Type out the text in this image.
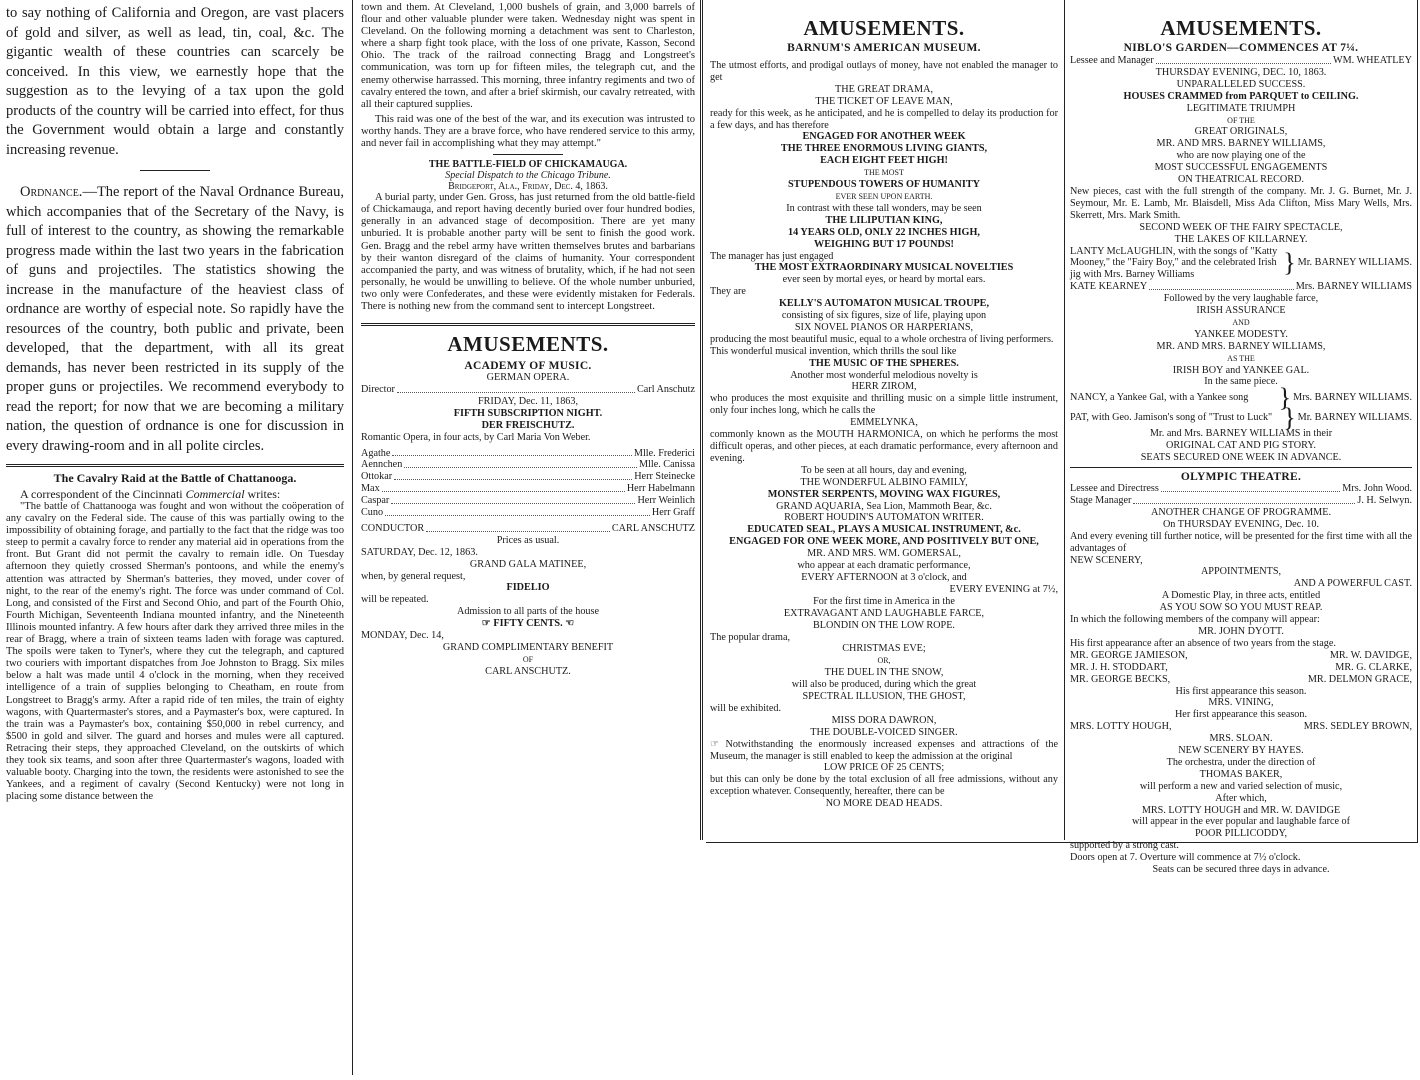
to say nothing of California and Oregon, are vast placers of gold and silver, as well as lead, tin, coal, &c. The gigantic wealth of these countries can scarcely be conceived. In this view, we earnestly hope that the suggestion as to the levying of a tax upon the gold products of the country will be carried into effect, for thus the Government would obtain a large and constantly increasing revenue.

Ordnance.—The report of the Naval Ordnance Bureau, which accompanies that of the Secretary of the Navy, is full of interest to the country, as showing the remarkable progress made within the last two years in the fabrication of guns and projectiles. The statistics showing the increase in the manufacture of the heaviest class of ordnance are worthy of especial note. So rapidly have the resources of the country, both public and private, been developed, that the department, with all its great demands, has never been restricted in its supply of the proper guns or projectiles. We recommend everybody to read the report; for now that we are becoming a military nation, the question of ordnance is one for discussion in every drawing-room and in all polite circles.

The Cavalry Raid at the Battle of Chattanooga.

A correspondent of the Cincinnati Commercial writes:

"The battle of Chattanooga was fought and won without the coöperation of any cavalry on the Federal side. The cause of this was partially owing to the impossibility of obtaining forage, and partially to the fact that the ridge was too steep to permit a cavalry force to render any material aid in operations from the front. But Grant did not permit the cavalry to remain idle. On Tuesday afternoon they quietly crossed Sherman's pontoons, and while the enemy's attention was attracted by Sherman's batteries, they moved, under cover of night, to the rear of the enemy's right. The force was under command of Col. Long, and consisted of the First and Second Ohio, and part of the Fourth Ohio, Fourth Michigan, Seventeenth Indiana mounted infantry, and the Nineteenth Illinois mounted infantry. A few hours after dark they arrived three miles in the rear of Bragg, where a train of sixteen teams laden with forage was captured. The spoils were taken to Tyner's, where they cut the telegraph, and captured two couriers with important dispatches from Joe Johnston to Bragg. Six miles below a halt was made until 4 o'clock in the morning, when they received intelligence of a train of supplies belonging to Cheatham, en route from Longstreet to Bragg's army. After a rapid ride of ten miles, the train of eighty wagons, with Quartermaster's stores, and a Paymaster's box, were captured. In the train was a Paymaster's box, containing $50,000 in rebel currency, and $500 in gold and silver. The guard and horses and mules were all captured. Retracing their steps, they approached Cleveland, on the outskirts of which they took six teams, and soon after three Quartermaster's wagons, loaded with valuable booty. Charging into the town, the residents were astonished to see the Yankees, and a regiment of cavalry (Second Kentucky) were not long in placing some distance between the

town and them. At Cleveland, 1,000 bushels of grain, and 3,000 barrels of flour and other valuable plunder were taken. Wednesday night was spent in Cleveland. On the following morning a detachment was sent to Charleston, where a sharp fight took place, with the loss of one private, Kasson, Second Ohio. The track of the railroad connecting Bragg and Longstreet's communication, was torn up for fifteen miles, the telegraph cut, and the enemy otherwise harrassed. This morning, three infantry regiments and two of cavalry entered the town, and after a brief skirmish, our cavalry retreated, with all their captured supplies.

This raid was one of the best of the war, and its execution was intrusted to worthy hands. They are a brave force, who have rendered service to this army, and never fail in accomplishing what they may attempt."

THE BATTLE-FIELD OF CHICKAMAUGA.

Special Dispatch to the Chicago Tribune.

Bridgeport, Ala., Friday, Dec. 4, 1863.

A burial party, under Gen. Gross, has just returned from the old battle-field of Chickamauga, and report having decently buried over four hundred bodies, generally in an advanced stage of decomposition. There are yet many unburied. It is probable another party will be sent to finish the good work. Gen. Bragg and the rebel army have written themselves brutes and barbarians by their wanton disregard of the claims of humanity. Your correspondent accompanied the party, and was witness of brutality, which, if he had not seen personally, he would be unwilling to believe. Of the whole number unburied, two only were Confederates, and these were evidently mistaken for Federals. There is nothing new from the command sent to intercept Longstreet.

AMUSEMENTS.
ACADEMY OF MUSIC.
GERMAN OPERA.
Director	Carl Anschutz
FRIDAY, Dec. 11, 1863,
FIFTH SUBSCRIPTION NIGHT.
DER FREISCHUTZ.
Romantic Opera, in four acts, by Carl Maria Von Weber.
Agathe	Mlle. Frederici
Aennchen	Mlle. Canissa
Ottokar	Herr Steinecke
Max	Herr Habelmann
Caspar	Herr Weinlich
Cuno	Herr Graff
CONDUCTOR	CARL ANSCHUTZ
Prices as usual.
SATURDAY, Dec. 12, 1863.
GRAND GALA MATINEE,
when, by general request,
FIDELIO
will be repeated.
Admission to all parts of the house
☞ FIFTY CENTS. ☜
MONDAY, Dec. 14,
GRAND COMPLIMENTARY BENEFIT
OF
CARL ANSCHUTZ.
AMUSEMENTS.
BARNUM'S AMERICAN MUSEUM.
The utmost efforts, and prodigal outlays of money, have not enabled the manager to get
THE GREAT DRAMA,
THE TICKET OF LEAVE MAN,
ready for this week, as he anticipated, and he is compelled to delay its production for a few days, and has therefore
ENGAGED FOR ANOTHER WEEK
THE THREE ENORMOUS LIVING GIANTS,
EACH EIGHT FEET HIGH!
THE MOST
STUPENDOUS TOWERS OF HUMANITY
EVER SEEN UPON EARTH.
In contrast with these tall wonders, may be seen
THE LILIPUTIAN KING,
14 YEARS OLD, ONLY 22 INCHES HIGH,
WEIGHING BUT 17 POUNDS!
The manager has just engaged
THE MOST EXTRAORDINARY MUSICAL NOVELTIES
ever seen by mortal eyes, or heard by mortal ears.
They are
KELLY'S AUTOMATON MUSICAL TROUPE,
consisting of six figures, size of life, playing upon
SIX NOVEL PIANOS OR HARPERIANS,
producing the most beautiful music, equal to a whole orchestra of living performers.
This wonderful musical invention, which thrills the soul like
THE MUSIC OF THE SPHERES.
Another most wonderful melodious novelty is
HERR ZIROM,
who produces the most exquisite and thrilling music on a simple little instrument, only four inches long, which he calls the
EMMELYNKA,
commonly known as the MOUTH HARMONICA, on which he performs the most difficult operas, and other pieces, at each dramatic performance, every afternoon and evening.
To be seen at all hours, day and evening,
THE WONDERFUL ALBINO FAMILY,
MONSTER SERPENTS, MOVING WAX FIGURES,
GRAND AQUARIA, Sea Lion, Mammoth Bear, &c.
ROBERT HOUDIN'S AUTOMATON WRITER.
EDUCATED SEAL, PLAYS A MUSICAL INSTRUMENT, &c.
ENGAGED FOR ONE WEEK MORE, AND POSITIVELY BUT ONE,
MR. AND MRS. WM. GOMERSAL,
who appear at each dramatic performance,
EVERY AFTERNOON at 3 o'clock, and
EVERY EVENING at 7½,
For the first time in America in the
EXTRAVAGANT AND LAUGHABLE FARCE,
BLONDIN ON THE LOW ROPE.
The popular drama,
CHRISTMAS EVE;
OR,
THE DUEL IN THE SNOW,
will also be produced, during which the great
SPECTRAL ILLUSION, THE GHOST,
will be exhibited.
MISS DORA DAWRON,
THE DOUBLE-VOICED SINGER.
☞ Notwithstanding the enormously increased expenses and attractions of the Museum, the manager is still enabled to keep the admission at the original
LOW PRICE OF 25 CENTS;
but this can only be done by the total exclusion of all free admissions, without any exception whatever. Consequently, hereafter, there can be
NO MORE DEAD HEADS.
AMUSEMENTS.
NIBLO'S GARDEN—COMMENCES AT 7¼.
Lessee and Manager	WM. WHEATLEY
THURSDAY EVENING, DEC. 10, 1863.
UNPARALLELED SUCCESS.
HOUSES CRAMMED from PARQUET to CEILING.
LEGITIMATE TRIUMPH
OF THE
GREAT ORIGINALS,
MR. AND MRS. BARNEY WILLIAMS,
who are now playing one of the
MOST SUCCESSFUL ENGAGEMENTS
ON THEATRICAL RECORD.
New pieces, cast with the full strength of the company. Mr. J. G. Burnet, Mr. J. Seymour, Mr. E. Lamb, Mr. Blaisdell, Miss Ada Clifton, Miss Mary Wells, Mrs. Skerrett, Mrs. Mark Smith.
SECOND WEEK OF THE FAIRY SPECTACLE,
THE LAKES OF KILLARNEY.
LANTY McLAUGHLIN, with the songs of "Katty Mooney," the "Fairy Boy," and the celebrated Irish jig with Mrs. Barney Williams	} Mr. BARNEY WILLIAMS.
KATE KEARNEY	Mrs. BARNEY WILLIAMS
Followed by the very laughable farce,
IRISH ASSURANCE
AND
YANKEE MODESTY.
MR. AND MRS. BARNEY WILLIAMS,
AS THE
IRISH BOY and YANKEE GAL.
In the same piece.
NANCY, a Yankee Gal, with a Yankee song	} Mrs. BARNEY WILLIAMS.
PAT, with Geo. Jamison's song of "Trust to Luck" } Mr. BARNEY WILLIAMS.
Mr. and Mrs. BARNEY WILLIAMS in their
ORIGINAL CAT AND PIG STORY.
SEATS SECURED ONE WEEK IN ADVANCE.
OLYMPIC THEATRE.
Lessee and Directress	Mrs. John Wood.
Stage Manager	J. H. Selwyn.
ANOTHER CHANGE OF PROGRAMME.
On THURSDAY EVENING, Dec. 10.
And every evening till further notice, will be presented for the first time with all the advantages of
NEW SCENERY,
APPOINTMENTS,
AND A POWERFUL CAST.
A Domestic Play, in three acts, entitled
AS YOU SOW SO YOU MUST REAP.
In which the following members of the company will appear:
MR. JOHN DYOTT.
His first appearance after an absence of two years from the stage.
MR. GEORGE JAMIESON,	MR. W. DAVIDGE,
MR. J. H. STODDART,	MR. G. CLARKE,
MR. GEORGE BECKS,	MR. DELMON GRACE,
His first appearance this season.
MRS. VINING,
Her first appearance this season.
MRS. LOTTY HOUGH,	MRS. SEDLEY BROWN,
MRS. SLOAN.
NEW SCENERY BY HAYES.
The orchestra, under the direction of
THOMAS BAKER,
will perform a new and varied selection of music,
After which,
MRS. LOTTY HOUGH and MR. W. DAVIDGE
will appear in the ever popular and laughable farce of
POOR PILLICODDY,
supported by a strong cast.
Doors open at 7. Overture will commence at 7½ o'clock.
Seats can be secured three days in advance.
